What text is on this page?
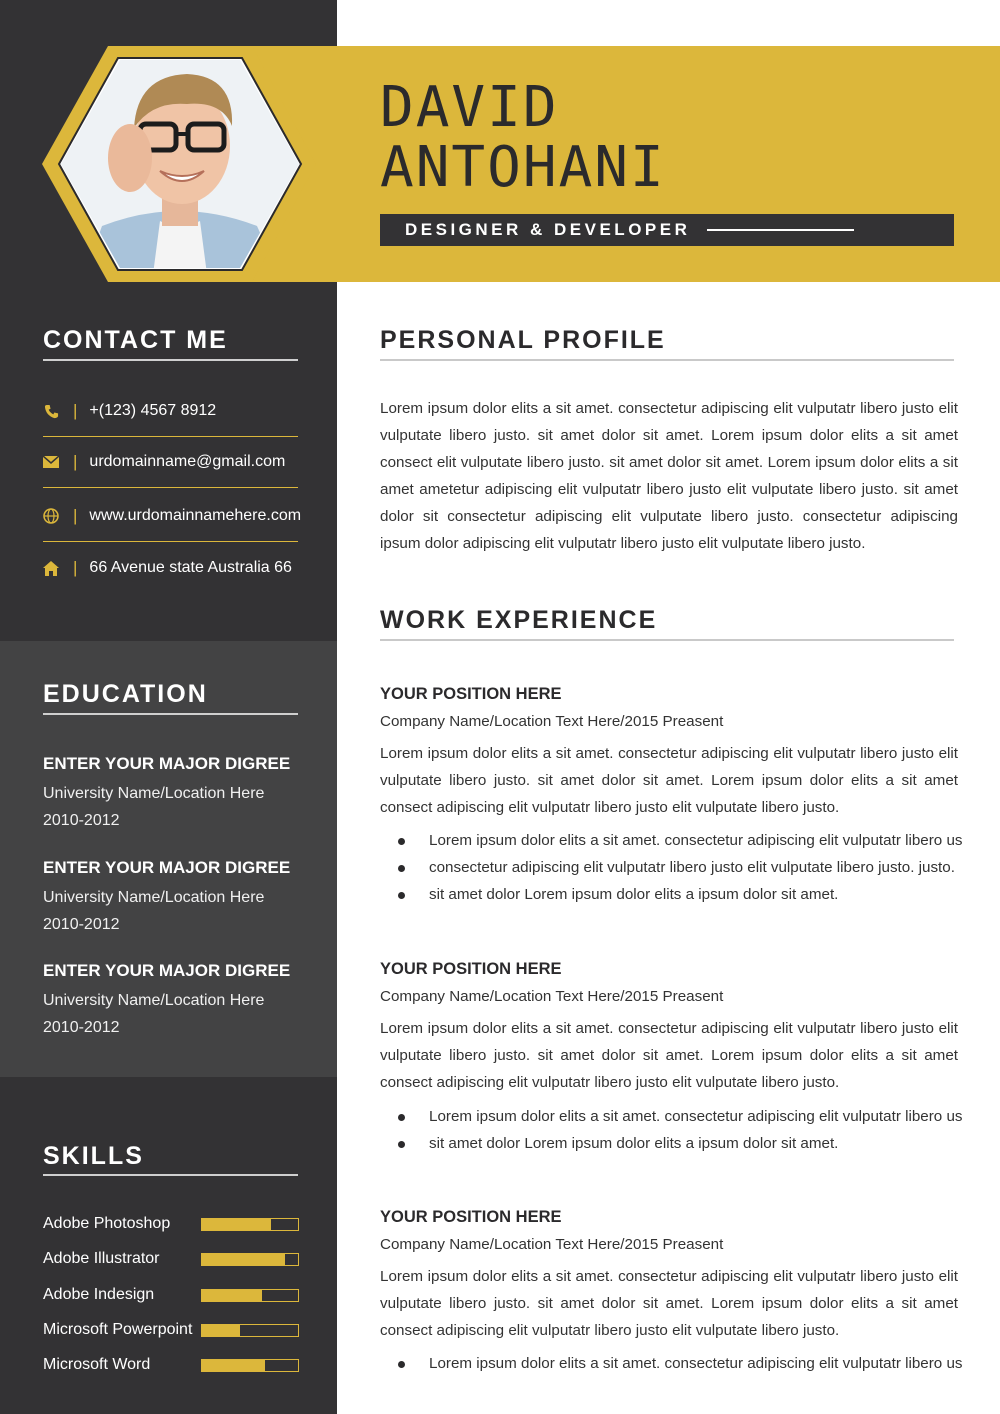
DAVID
ANTOHANI
DESIGNER & DEVELOPER
CONTACT ME
| +(123) 4567 8912
| urdomainname@gmail.com
| www.urdomainnamehere.com
| 66 Avenue state Australia 66
EDUCATION
ENTER YOUR MAJOR DIGREE
University Name/Location Here
2010-2012
ENTER YOUR MAJOR DIGREE
University Name/Location Here
2010-2012
ENTER YOUR MAJOR DIGREE
University Name/Location Here
2010-2012
SKILLS
Adobe Photoshop
Adobe Illustrator
Adobe Indesign
Microsoft Powerpoint
Microsoft Word
PERSONAL PROFILE

Lorem ipsum dolor elits a sit amet. consectetur adipiscing elit vulputatr libero justo elit vulputate libero justo. sit amet dolor sit amet. Lorem ipsum dolor elits a sit amet consect elit vulputate libero justo. sit amet dolor sit amet. Lorem ipsum dolor elits a sit amet ametetur adipiscing elit vulputatr libero justo elit vulputate libero justo. sit amet dolor sit consectetur adipiscing elit vulputate libero justo. consectetur adipiscing ipsum dolor adipiscing elit vulputatr libero justo elit vulputate libero justo.

WORK EXPERIENCE
YOUR POSITION HERE

Company Name/Location Text Here/2015 Preasent

Lorem ipsum dolor elits a sit amet. consectetur adipiscing elit vulputatr libero justo elit vulputate libero justo. sit amet dolor sit amet. Lorem ipsum dolor elits a sit amet consect adipiscing elit vulputatr libero justo elit vulputate libero justo.

Lorem ipsum dolor elits a sit amet. consectetur adipiscing elit vulputatr libero us
consectetur adipiscing elit vulputatr libero justo elit vulputate libero justo. justo.
sit amet dolor Lorem ipsum dolor elits a ipsum dolor sit amet.
YOUR POSITION HERE

Company Name/Location Text Here/2015 Preasent

Lorem ipsum dolor elits a sit amet. consectetur adipiscing elit vulputatr libero justo elit vulputate libero justo. sit amet dolor sit amet. Lorem ipsum dolor elits a sit amet consect adipiscing elit vulputatr libero justo elit vulputate libero justo.

Lorem ipsum dolor elits a sit amet. consectetur adipiscing elit vulputatr libero us
sit amet dolor Lorem ipsum dolor elits a ipsum dolor sit amet.
YOUR POSITION HERE

Company Name/Location Text Here/2015 Preasent

Lorem ipsum dolor elits a sit amet. consectetur adipiscing elit vulputatr libero justo elit vulputate libero justo. sit amet dolor sit amet. Lorem ipsum dolor elits a sit amet consect adipiscing elit vulputatr libero justo elit vulputate libero justo.

Lorem ipsum dolor elits a sit amet. consectetur adipiscing elit vulputatr libero us
